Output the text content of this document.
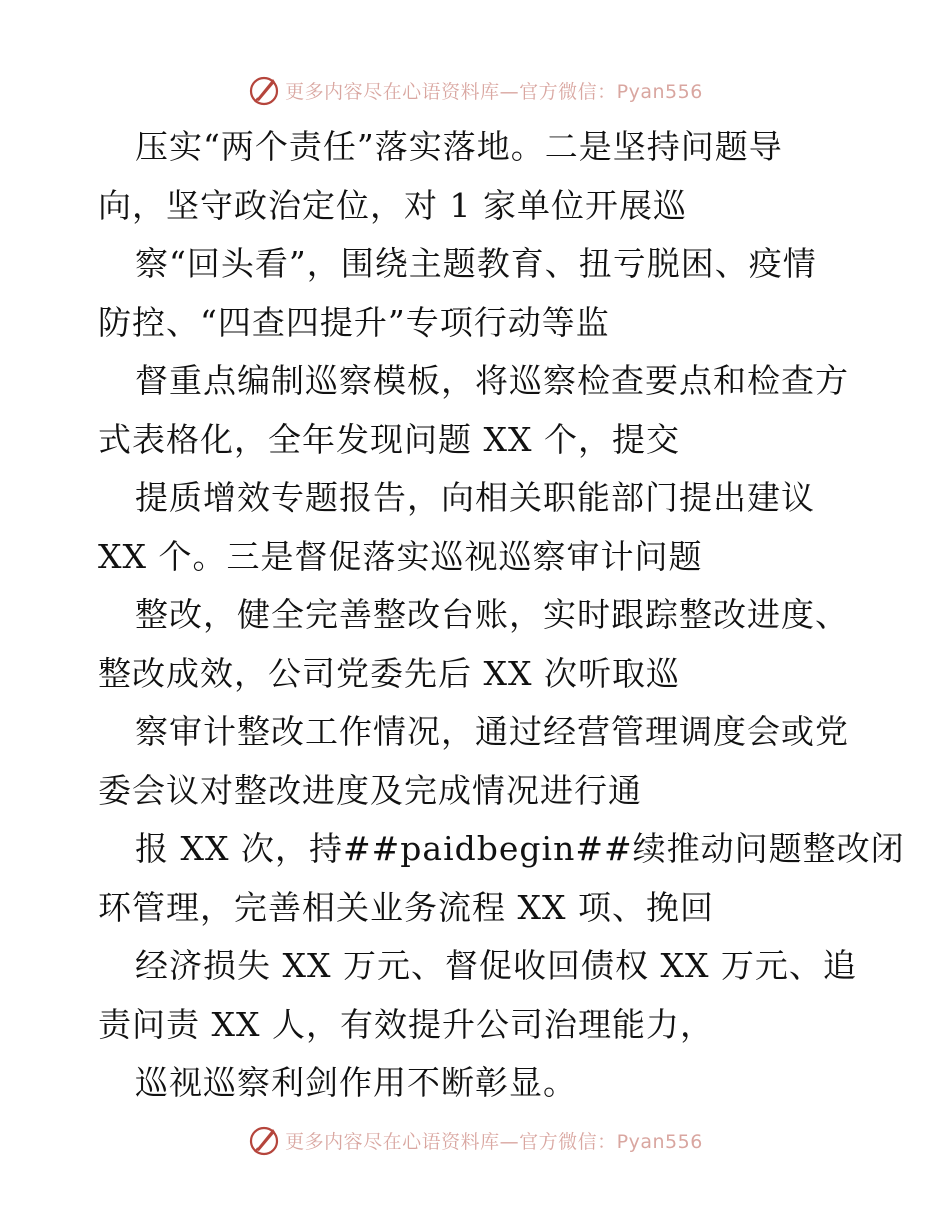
更多内容尽在心语资料库—官方微信：Pyan556
压实“两个责任”落实落地。二是坚持问题导
向，坚守政治定位，对 1 家单位开展巡
察“回头看”，围绕主题教育、扭亏脱困、疫情
防控、“四查四提升”专项行动等监
督重点编制巡察模板，将巡察检查要点和检查方
式表格化，全年发现问题 XX 个，提交
提质增效专题报告，向相关职能部门提出建议
XX 个。三是督促落实巡视巡察审计问题
整改，健全完善整改台账，实时跟踪整改进度、
整改成效，公司党委先后 XX 次听取巡
察审计整改工作情况，通过经营管理调度会或党
委会议对整改进度及完成情况进行通
报 XX 次，持##paidbegin##续推动问题整改闭
环管理，完善相关业务流程 XX 项、挽回
经济损失 XX 万元、督促收回债权 XX 万元、追
责问责 XX 人，有效提升公司治理能力，
巡视巡察利剑作用不断彰显。
更多内容尽在心语资料库—官方微信：Pyan556
